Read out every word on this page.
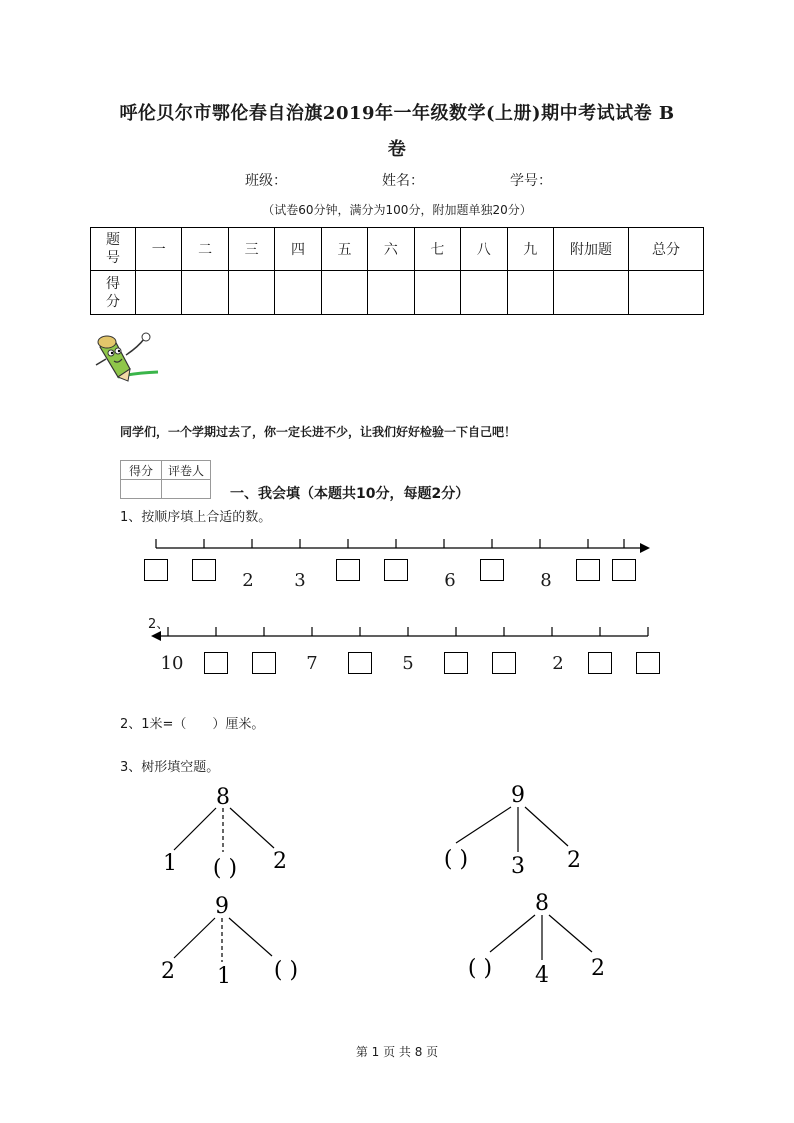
呼伦贝尔市鄂伦春自治旗2019年一年级数学(上册)期中考试试卷 B
卷
班级：	姓名：	学号：
（试卷60分钟，满分为100分，附加题单独20分）
题
号	一	二	三	四	五	六	七	八	九	附加题	总分

得
分											

同学们，一个学期过去了，你一定长进不少，让我们好好检验一下自己吧！
得分	评卷人

一、我会填（本题共10分，每题2分）
1、按顺序填上合适的数。
2	3	6	8
2、
10	7	5	2
2、1米=（　　）厘米。
3、树形填空题。
8
1 ( ) 2
9
( ) 3 2
9
2 1 ( )
8
( ) 4 2
第 1 页 共 8 页
